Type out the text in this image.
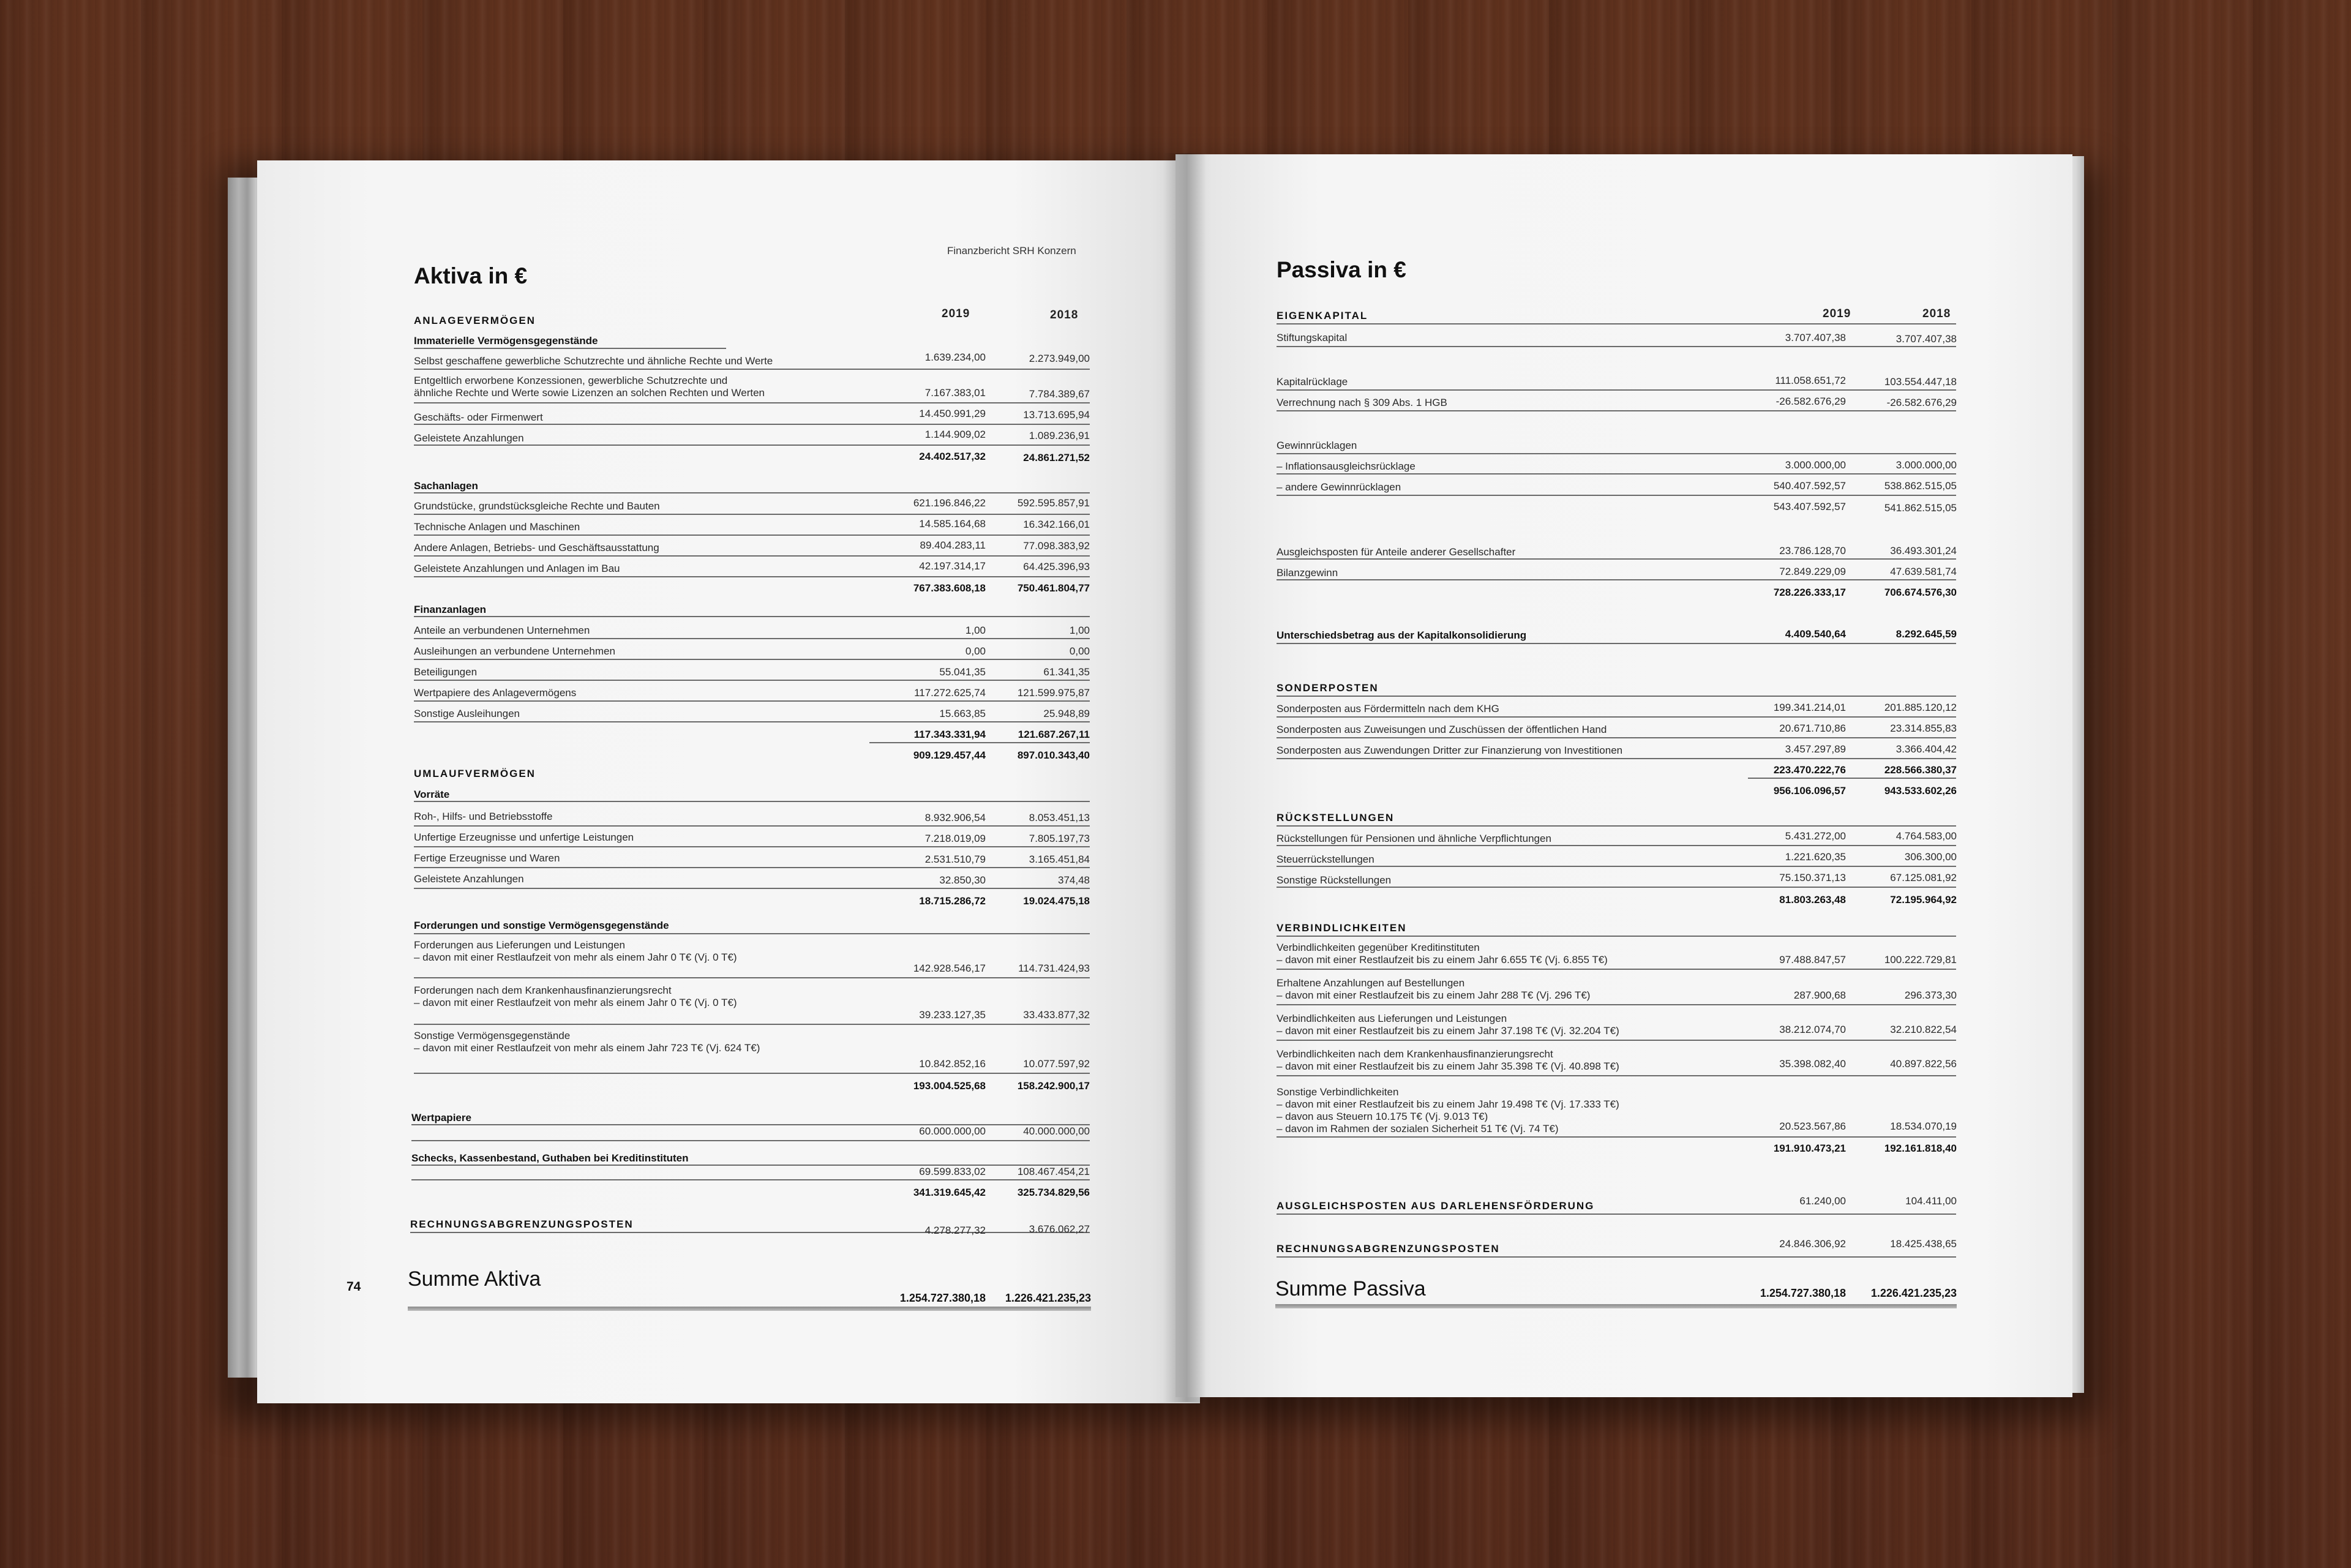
Finanzbericht SRH Konzern
Aktiva in €
2019	2018
ANLAGEVERMÖGEN
Immaterielle Vermögensgegenstände
Selbst geschaffene gewerbliche Schutzrechte und ähnliche Rechte und Werte	1.639.234,00	2.273.949,00
Entgeltlich erworbene Konzessionen, gewerbliche Schutzrechte und
ähnliche Rechte und Werte sowie Lizenzen an solchen Rechten und Werten	7.167.383,01	7.784.389,67
Geschäfts- oder Firmenwert	14.450.991,29	13.713.695,94
Geleistete Anzahlungen	1.144.909,02	1.089.236,91
24.402.517,32	24.861.271,52
Sachanlagen
Grundstücke, grundstücksgleiche Rechte und Bauten	621.196.846,22	592.595.857,91
Technische Anlagen und Maschinen	14.585.164,68	16.342.166,01
Andere Anlagen, Betriebs- und Geschäftsausstattung	89.404.283,11	77.098.383,92
Geleistete Anzahlungen und Anlagen im Bau	42.197.314,17	64.425.396,93
767.383.608,18	750.461.804,77
Finanzanlagen
Anteile an verbundenen Unternehmen	1,00	1,00
Ausleihungen an verbundene Unternehmen	0,00	0,00
Beteiligungen	55.041,35	61.341,35
Wertpapiere des Anlagevermögens	117.272.625,74	121.599.975,87
Sonstige Ausleihungen	15.663,85	25.948,89
117.343.331,94	121.687.267,11
909.129.457,44	897.010.343,40
UMLAUFVERMÖGEN
Vorräte
Roh-, Hilfs- und Betriebsstoffe	8.932.906,54	8.053.451,13
Unfertige Erzeugnisse und unfertige Leistungen	7.218.019,09	7.805.197,73
Fertige Erzeugnisse und Waren	2.531.510,79	3.165.451,84
Geleistete Anzahlungen	32.850,30	374,48
18.715.286,72	19.024.475,18
Forderungen und sonstige Vermögensgegenstände
Forderungen aus Lieferungen und Leistungen
– davon mit einer Restlaufzeit von mehr als einem Jahr 0 T€ (Vj. 0 T€)
142.928.546,17	114.731.424,93
Forderungen nach dem Krankenhausfinanzierungsrecht
– davon mit einer Restlaufzeit von mehr als einem Jahr 0 T€ (Vj. 0 T€)
39.233.127,35	33.433.877,32
Sonstige Vermögensgegenstände
– davon mit einer Restlaufzeit von mehr als einem Jahr 723 T€ (Vj. 624 T€)
10.842.852,16	10.077.597,92
193.004.525,68	158.242.900,17
Wertpapiere
60.000.000,00	40.000.000,00
Schecks, Kassenbestand, Guthaben bei Kreditinstituten
69.599.833,02	108.467.454,21
341.319.645,42	325.734.829,56
RECHNUNGSABGRENZUNGSPOSTEN
4.278.277,32	3.676.062,27
74 Summe Aktiva
1.254.727.380,18	1.226.421.235,23
Passiva in €
2019	2018
EIGENKAPITAL
Stiftungskapital	3.707.407,38	3.707.407,38
Kapitalrücklage	111.058.651,72	103.554.447,18
Verrechnung nach § 309 Abs. 1 HGB	-26.582.676,29	-26.582.676,29
Gewinnrücklagen
– Inflationsausgleichsrücklage	3.000.000,00	3.000.000,00
– andere Gewinnrücklagen	540.407.592,57	538.862.515,05
543.407.592,57	541.862.515,05
Ausgleichsposten für Anteile anderer Gesellschafter	23.786.128,70	36.493.301,24
Bilanzgewinn	72.849.229,09	47.639.581,74
728.226.333,17	706.674.576,30
Unterschiedsbetrag aus der Kapitalkonsolidierung	4.409.540,64	8.292.645,59
SONDERPOSTEN
Sonderposten aus Fördermitteln nach dem KHG	199.341.214,01	201.885.120,12
Sonderposten aus Zuweisungen und Zuschüssen der öffentlichen Hand	20.671.710,86	23.314.855,83
Sonderposten aus Zuwendungen Dritter zur Finanzierung von Investitionen	3.457.297,89	3.366.404,42
223.470.222,76	228.566.380,37
956.106.096,57	943.533.602,26
RÜCKSTELLUNGEN
Rückstellungen für Pensionen und ähnliche Verpflichtungen	5.431.272,00	4.764.583,00
Steuerrückstellungen	1.221.620,35	306.300,00
Sonstige Rückstellungen	75.150.371,13	67.125.081,92
81.803.263,48	72.195.964,92
VERBINDLICHKEITEN
Verbindlichkeiten gegenüber Kreditinstituten
– davon mit einer Restlaufzeit bis zu einem Jahr 6.655 T€ (Vj. 6.855 T€)	97.488.847,57	100.222.729,81
Erhaltene Anzahlungen auf Bestellungen
– davon mit einer Restlaufzeit bis zu einem Jahr 288 T€ (Vj. 296 T€)	287.900,68	296.373,30
Verbindlichkeiten aus Lieferungen und Leistungen
– davon mit einer Restlaufzeit bis zu einem Jahr 37.198 T€ (Vj. 32.204 T€)	38.212.074,70	32.210.822,54
Verbindlichkeiten nach dem Krankenhausfinanzierungsrecht
– davon mit einer Restlaufzeit bis zu einem Jahr 35.398 T€ (Vj. 40.898 T€)	35.398.082,40	40.897.822,56
Sonstige Verbindlichkeiten
– davon mit einer Restlaufzeit bis zu einem Jahr 19.498 T€ (Vj. 17.333 T€)
– davon aus Steuern 10.175 T€ (Vj. 9.013 T€)
– davon im Rahmen der sozialen Sicherheit 51 T€ (Vj. 74 T€)	20.523.567,86	18.534.070,19
191.910.473,21	192.161.818,40
AUSGLEICHSPOSTEN AUS DARLEHENSFÖRDERUNG	61.240,00	104.411,00
RECHNUNGSABGRENZUNGSPOSTEN	24.846.306,92	18.425.438,65
Summe Passiva	1.254.727.380,18	1.226.421.235,23
